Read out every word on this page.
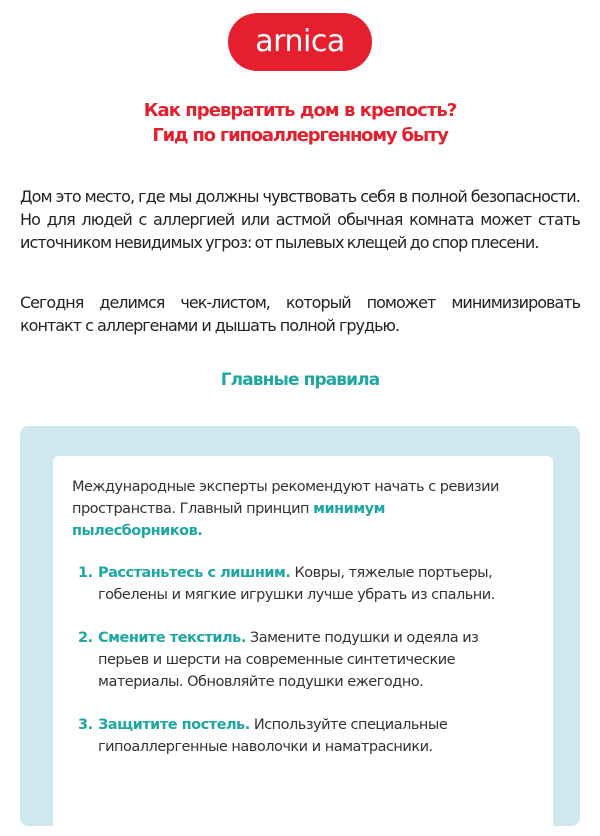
arnica
Как превратить дом в крепость?
Гид по гипоаллергенному быту

Дом это место, где мы должны чувствовать себя в полной безопасности. Но для людей с аллергией или астмой обычная комната может стать источником невидимых угроз: от пылевых клещей до спор плесени.

Сегодня делимся чек-листом, который поможет минимизировать контакт с аллергенами и дышать полной грудью.

Главные правила

Международные эксперты рекомендуют начать с ревизии пространства. Главный принцип минимум пылесборников.

1. Расстаньтесь с лишним. Ковры, тяжелые портьеры, гобелены и мягкие игрушки лучше убрать из спальни.
2. Смените текстиль. Замените подушки и одеяла из перьев и шерсти на современные синтетические материалы. Обновляйте подушки ежегодно.
3. Защитите постель. Используйте специальные гипоаллергенные наволочки и наматрасники.
